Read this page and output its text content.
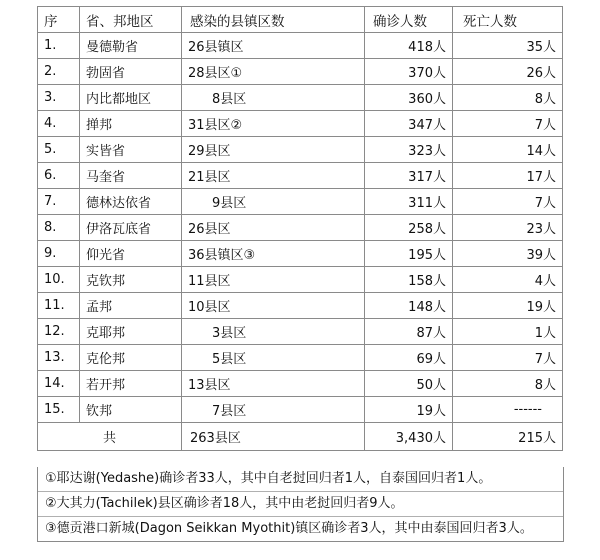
序	省、邦地区	感染的县镇区数	确诊人数	死亡人数
1.	曼德勒省	26县镇区	418人	35人
2.	勃固省	28县区①	370人	26人
3.	内比都地区	8县区	360人	8人
4.	掸邦	31县区②	347人	7人
5.	实皆省	29县区	323人	14人
6.	马奎省	21县区	317人	17人
7.	德林达依省	9县区	311人	7人
8.	伊洛瓦底省	26县区	258人	23人
9.	仰光省	36县镇区③	195人	39人
10.	克钦邦	11县区	158人	4人
11.	孟邦	10县区	148人	19人
12.	克耶邦	3县区	87人	1人
13.	克伦邦	5县区	69人	7人
14.	若开邦	13县区	50人	8人
15.	钦邦	7县区	19人	------
共		263县区	3,430人	215人
①耶达谢(Yedashe)确诊者33人，其中自老挝回归者1人，自泰国回归者1人。
②大其力(Tachilek)县区确诊者18人，其中由老挝回归者9人。
③德贡港口新城(Dagon Seikkan Myothit)镇区确诊者3人，其中由泰国回归者3人。
